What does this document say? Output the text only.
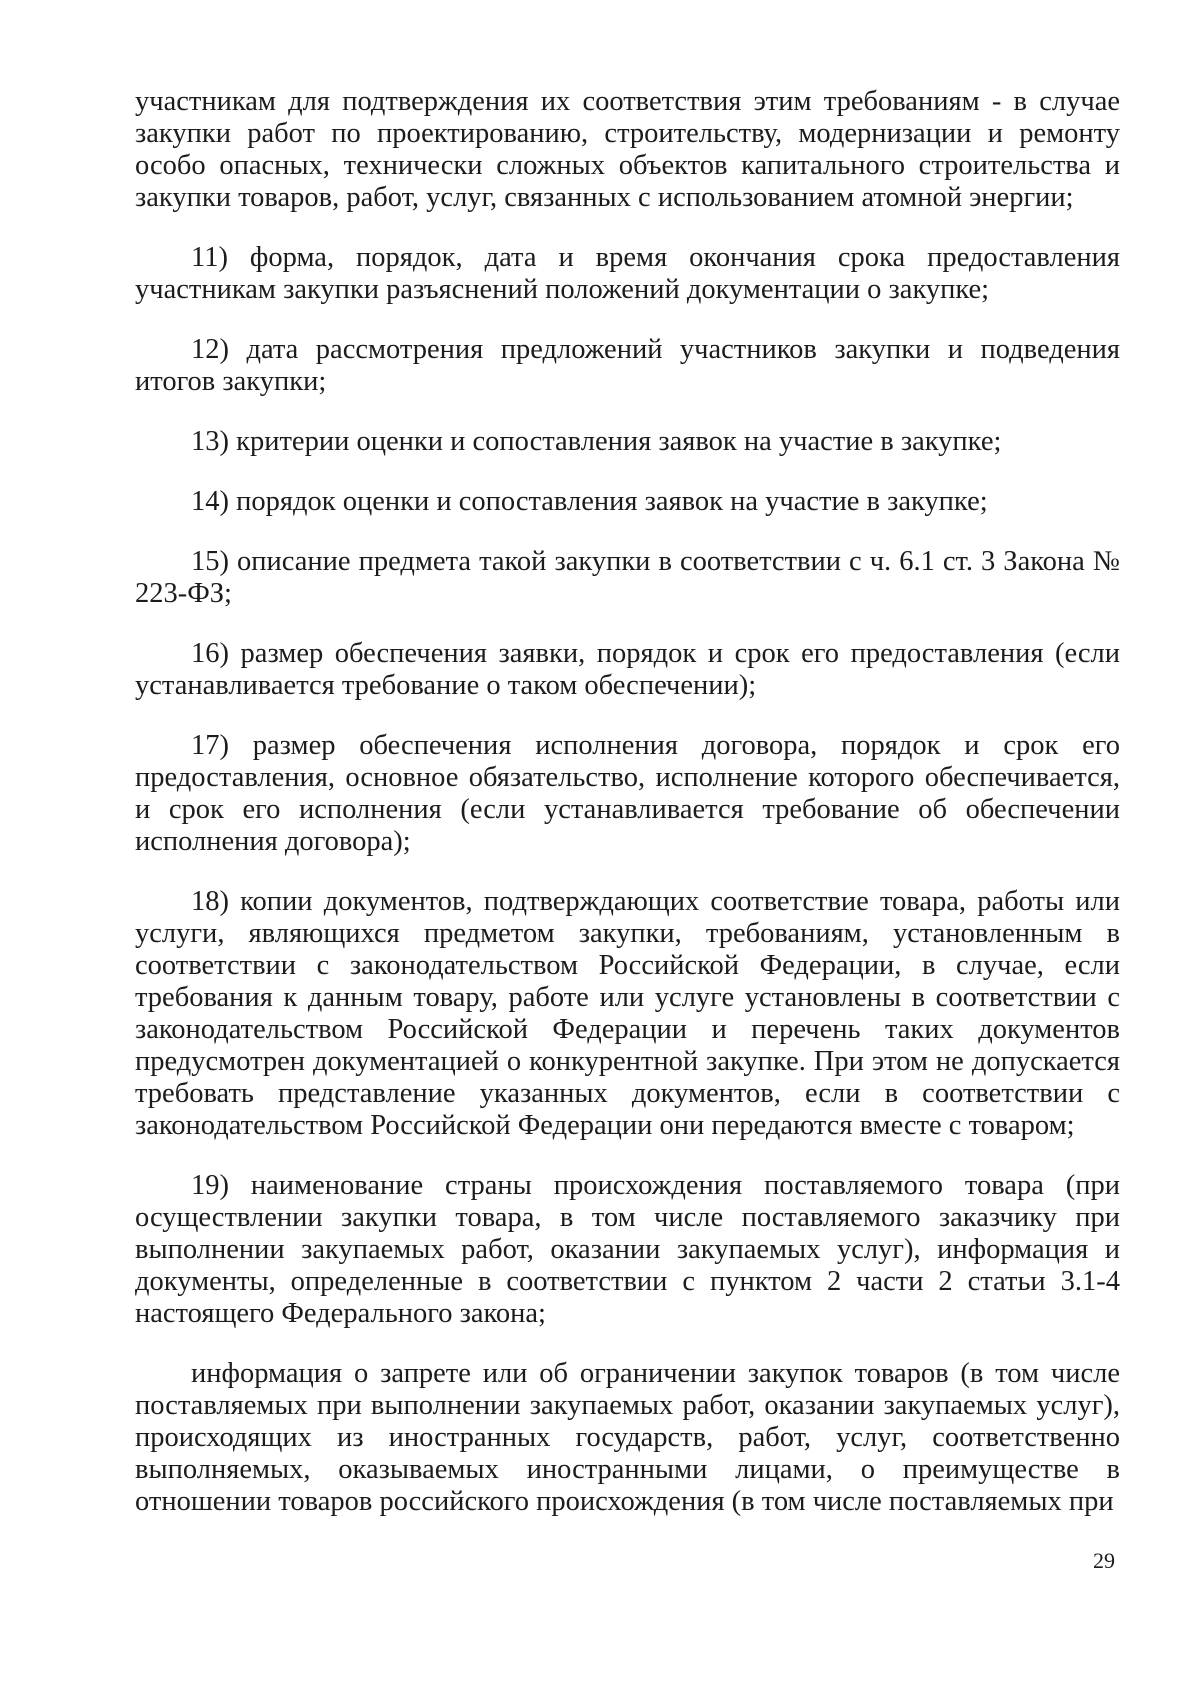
участникам для подтверждения их соответствия этим требованиям - в случае закупки работ по проектированию, строительству, модернизации и ремонту особо опасных, технически сложных объектов капитального строительства и закупки товаров, работ, услуг, связанных с использованием атомной энергии;

11) форма, порядок, дата и время окончания срока предоставления участникам закупки разъяснений положений документации о закупке;

12) дата рассмотрения предложений участников закупки и подведения итогов закупки;

13) критерии оценки и сопоставления заявок на участие в закупке;

14) порядок оценки и сопоставления заявок на участие в закупке;

15) описание предмета такой закупки в соответствии с ч. 6.1 ст. 3 Закона № 223-ФЗ;

16) размер обеспечения заявки, порядок и срок его предоставления (если устанавливается требование о таком обеспечении);

17) размер обеспечения исполнения договора, порядок и срок его предоставления, основное обязательство, исполнение которого обеспечивается, и срок его исполнения (если устанавливается требование об обеспечении исполнения договора);

18) копии документов, подтверждающих соответствие товара, работы или услуги, являющихся предметом закупки, требованиям, установленным в соответствии с законодательством Российской Федерации, в случае, если требования к данным товару, работе или услуге установлены в соответствии с законодательством Российской Федерации и перечень таких документов предусмотрен документацией о конкурентной закупке. При этом не допускается требовать представление указанных документов, если в соответствии с законодательством Российской Федерации они передаются вместе с товаром;

19) наименование страны происхождения поставляемого товара (при осуществлении закупки товара, в том числе поставляемого заказчику при выполнении закупаемых работ, оказании закупаемых услуг), информация и документы, определенные в соответствии с пунктом 2 части 2 статьи 3.1-4 настоящего Федерального закона;

информация о запрете или об ограничении закупок товаров (в том числе поставляемых при выполнении закупаемых работ, оказании закупаемых услуг), происходящих из иностранных государств, работ, услуг, соответственно выполняемых, оказываемых иностранными лицами, о преимуществе в отношении товаров российского происхождения (в том числе поставляемых при

29
